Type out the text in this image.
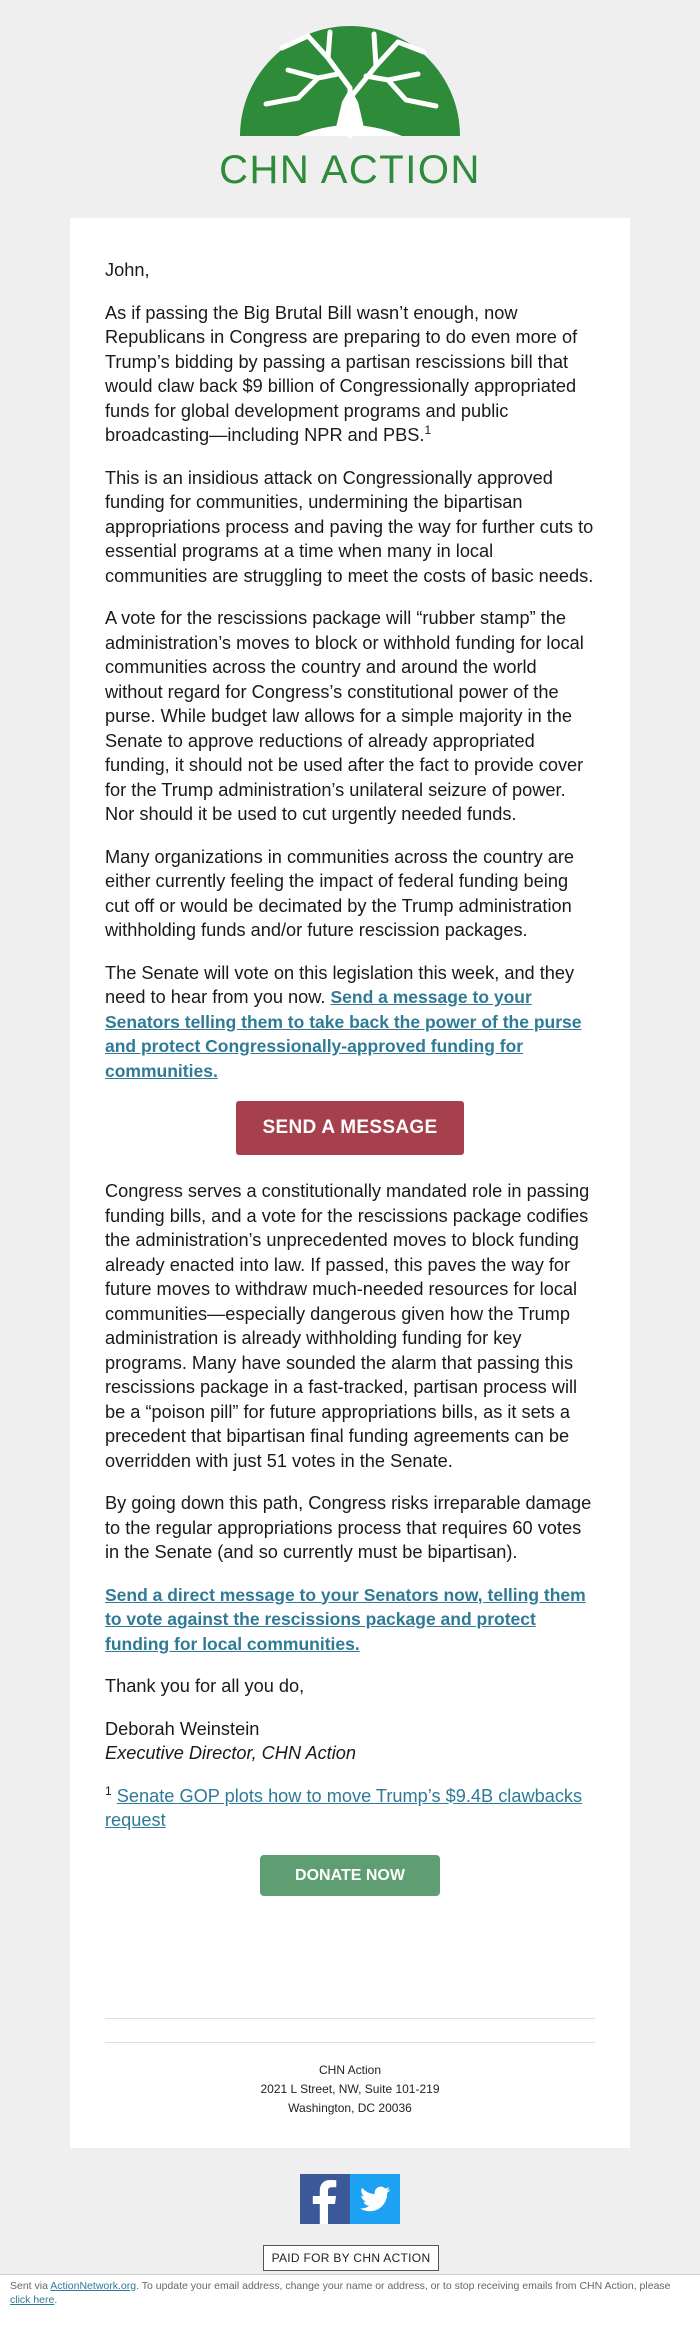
CHN ACTION

John,

As if passing the Big Brutal Bill wasn’t enough, now Republicans in Congress are preparing to do even more of Trump’s bidding by passing a partisan rescissions bill that would claw back $9 billion of Congressionally appropriated funds for global development programs and public broadcasting—including NPR and PBS.$^1$

This is an insidious attack on Congressionally approved funding for communities, undermining the bipartisan appropriations process and paving the way for further cuts to essential programs at a time when many in local communities are struggling to meet the costs of basic needs.

A vote for the rescissions package will “rubber stamp” the administration’s moves to block or withhold funding for local communities across the country and around the world without regard for Congress’s constitutional power of the purse. While budget law allows for a simple majority in the Senate to approve reductions of already appropriated funding, it should not be used after the fact to provide cover for the Trump administration’s unilateral seizure of power. Nor should it be used to cut urgently needed funds.

Many organizations in communities across the country are either currently feeling the impact of federal funding being cut off or would be decimated by the Trump administration withholding funds and/or future rescission packages.

The Senate will vote on this legislation this week, and they need to hear from you now. Send a message to your Senators telling them to take back the power of the purse and protect Congressionally-approved funding for communities.

SEND A MESSAGE

Congress serves a constitutionally mandated role in passing funding bills, and a vote for the rescissions package codifies the administration’s unprecedented moves to block funding already enacted into law. If passed, this paves the way for future moves to withdraw much-needed resources for local communities—especially dangerous given how the Trump administration is already withholding funding for key programs. Many have sounded the alarm that passing this rescissions package in a fast-tracked, partisan process will be a “poison pill” for future appropriations bills, as it sets a precedent that bipartisan final funding agreements can be overridden with just 51 votes in the Senate.

By going down this path, Congress risks irreparable damage to the regular appropriations process that requires 60 votes in the Senate (and so currently must be bipartisan).

Send a direct message to your Senators now, telling them to vote against the rescissions package and protect funding for local communities.

Thank you for all you do,

Deborah Weinstein
Executive Director, CHN Action

$^1$ Senate GOP plots how to move Trump’s $9.4B clawbacks request

DONATE NOW
CHN Action
2021 L Street, NW, Suite 101-219
Washington, DC 20036
PAID FOR BY CHN ACTION
Sent via ActionNetwork.org. To update your email address, change your name or address, or to stop receiving emails from CHN Action, please click here.
